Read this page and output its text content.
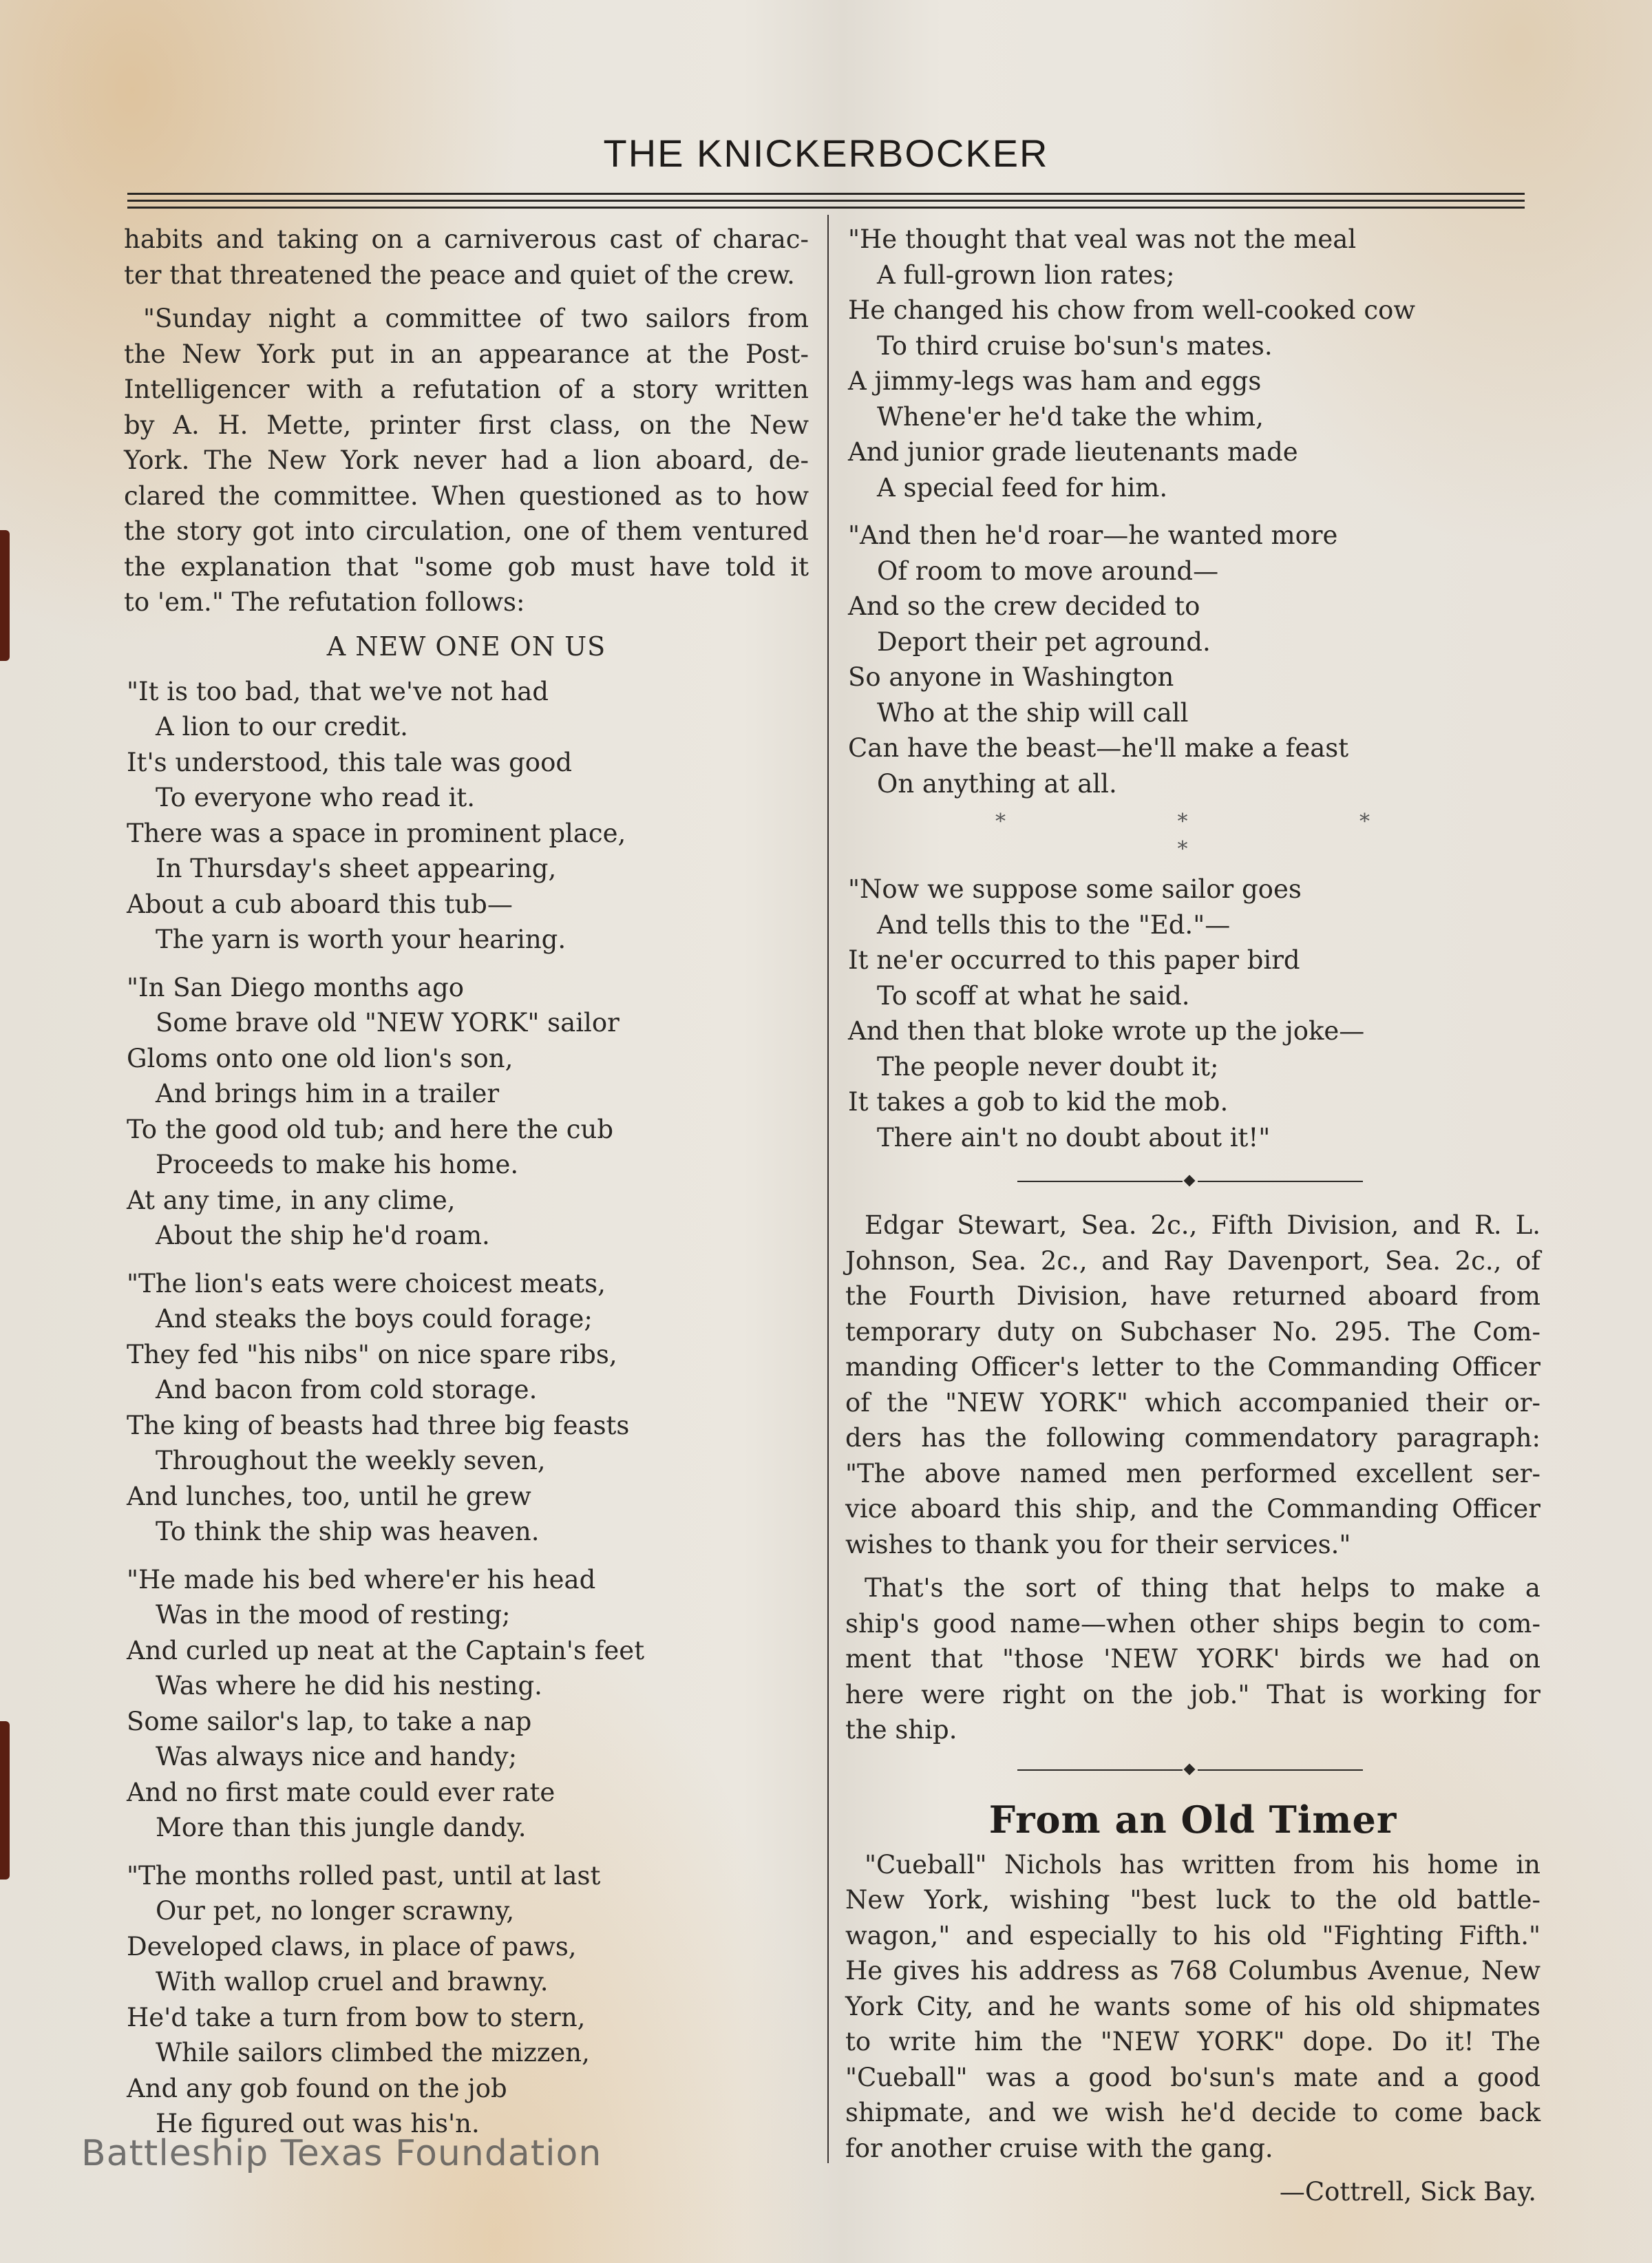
THE KNICKERBOCKER
habits and taking on a carniverous cast of charac-
ter that threatened the peace and quiet of the crew.
"Sunday night a committee of two sailors from
the New York put in an appearance at the Post-
Intelligencer with a refutation of a story written
by A. H. Mette, printer first class, on the New
York. The New York never had a lion aboard, de-
clared the committee. When questioned as to how
the story got into circulation, one of them ventured
the explanation that "some gob must have told it
to 'em." The refutation follows:
A NEW ONE ON US
"It is too bad, that we've not had
A lion to our credit.
It's understood, this tale was good
To everyone who read it.
There was a space in prominent place,
In Thursday's sheet appearing,
About a cub aboard this tub—
The yarn is worth your hearing.
"In San Diego months ago
Some brave old "NEW YORK" sailor
Gloms onto one old lion's son,
And brings him in a trailer
To the good old tub; and here the cub
Proceeds to make his home.
At any time, in any clime,
About the ship he'd roam.
"The lion's eats were choicest meats,
And steaks the boys could forage;
They fed "his nibs" on nice spare ribs,
And bacon from cold storage.
The king of beasts had three big feasts
Throughout the weekly seven,
And lunches, too, until he grew
To think the ship was heaven.
"He made his bed where'er his head
Was in the mood of resting;
And curled up neat at the Captain's feet
Was where he did his nesting.
Some sailor's lap, to take a nap
Was always nice and handy;
And no first mate could ever rate
More than this jungle dandy.
"The months rolled past, until at last
Our pet, no longer scrawny,
Developed claws, in place of paws,
With wallop cruel and brawny.
He'd take a turn from bow to stern,
While sailors climbed the mizzen,
And any gob found on the job
He figured out was his'n.
"He thought that veal was not the meal
A full-grown lion rates;
He changed his chow from well-cooked cow
To third cruise bo'sun's mates.
A jimmy-legs was ham and eggs
Whene'er he'd take the whim,
And junior grade lieutenants made
A special feed for him.
"And then he'd roar—he wanted more
Of room to move around—
And so the crew decided to
Deport their pet aground.
So anyone in Washington
Who at the ship will call
Can have the beast—he'll make a feast
On anything at all.
* * * *
"Now we suppose some sailor goes
And tells this to the "Ed."—
It ne'er occurred to this paper bird
To scoff at what he said.
And then that bloke wrote up the joke—
The people never doubt it;
It takes a gob to kid the mob.
There ain't no doubt about it!"
Edgar Stewart, Sea. 2c., Fifth Division, and R. L.
Johnson, Sea. 2c., and Ray Davenport, Sea. 2c., of
the Fourth Division, have returned aboard from
temporary duty on Subchaser No. 295. The Com-
manding Officer's letter to the Commanding Officer
of the "NEW YORK" which accompanied their or-
ders has the following commendatory paragraph:
"The above named men performed excellent ser-
vice aboard this ship, and the Commanding Officer
wishes to thank you for their services."
That's the sort of thing that helps to make a
ship's good name—when other ships begin to com-
ment that "those 'NEW YORK' birds we had on
here were right on the job." That is working for
the ship.
From an Old Timer
"Cueball" Nichols has written from his home in
New York, wishing "best luck to the old battle-
wagon," and especially to his old "Fighting Fifth."
He gives his address as 768 Columbus Avenue, New
York City, and he wants some of his old shipmates
to write him the "NEW YORK" dope. Do it! The
"Cueball" was a good bo'sun's mate and a good
shipmate, and we wish he'd decide to come back
for another cruise with the gang.
—Cottrell, Sick Bay.
Battleship Texas Foundation
